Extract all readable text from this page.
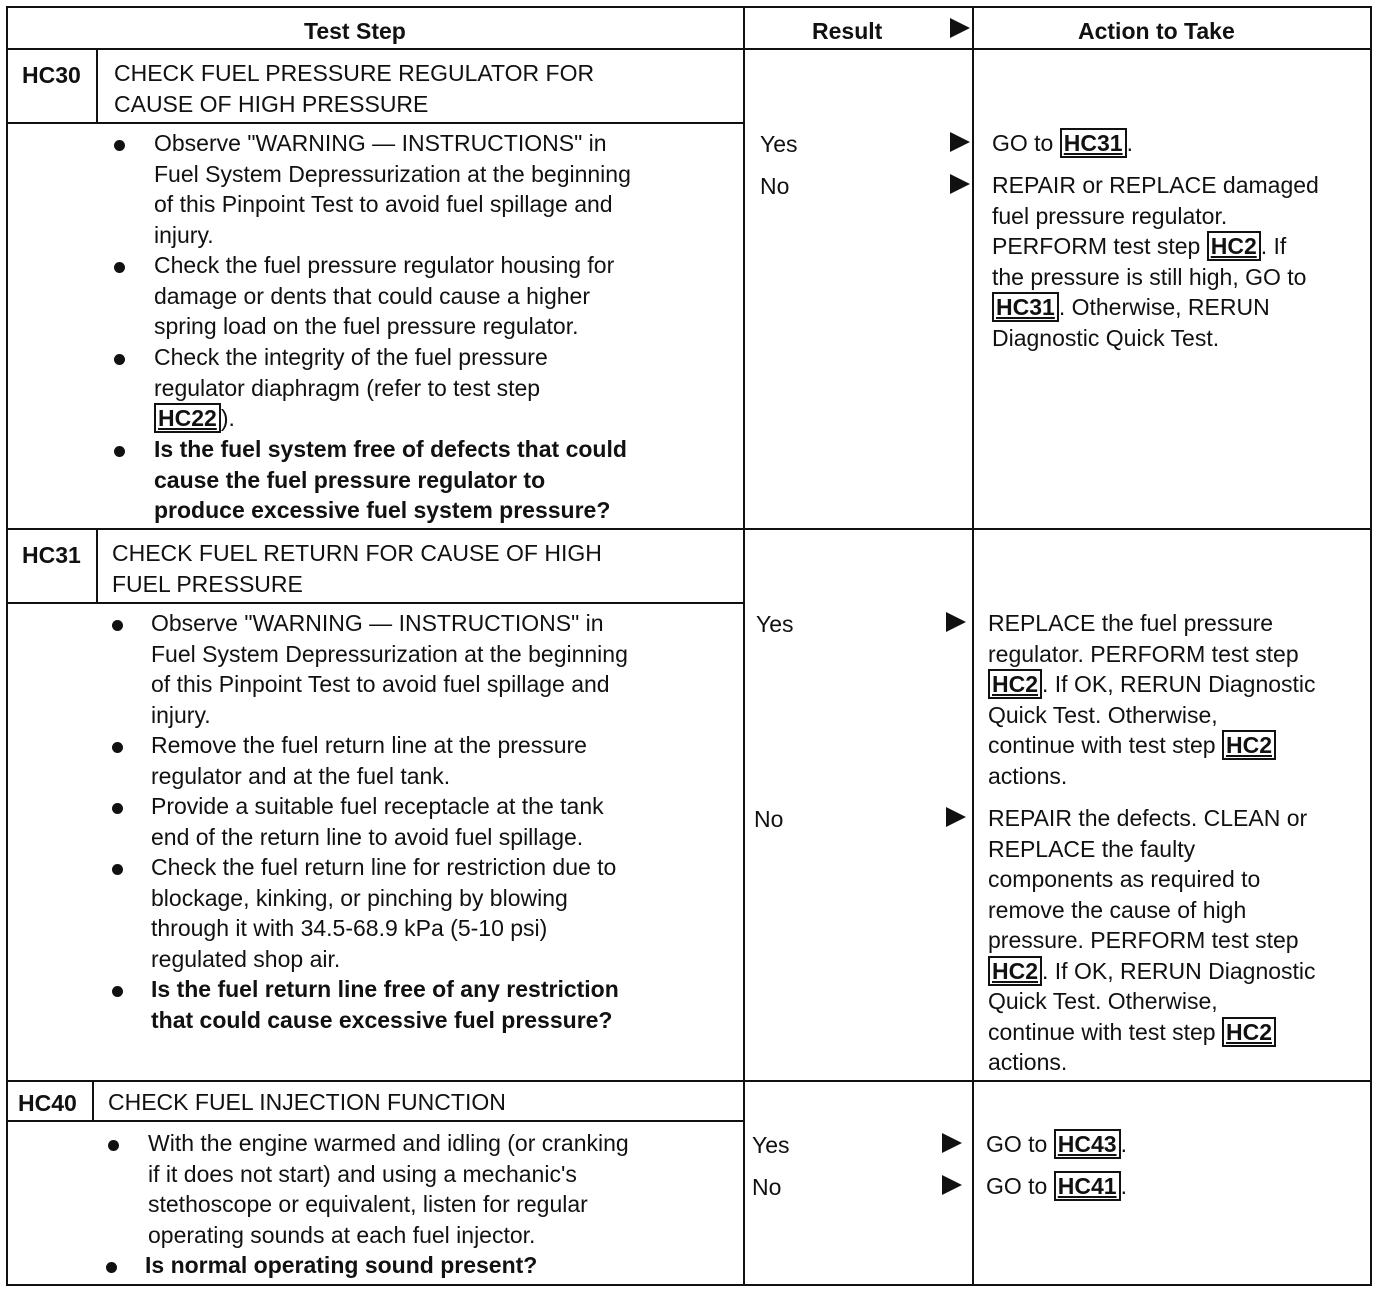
Test Step	Result	Action to Take
HC30 CHECK FUEL PRESSURE REGULATOR FOR
CAUSE OF HIGH PRESSURE
Observe "WARNING — INSTRUCTIONS" in
Fuel System Depressurization at the beginning
of this Pinpoint Test to avoid fuel spillage and
injury.
Check the fuel pressure regulator housing for
damage or dents that could cause a higher
spring load on the fuel pressure regulator.
Check the integrity of the fuel pressure
regulator diaphragm (refer to test step
HC22 ).
Is the fuel system free of defects that could
cause the fuel pressure regulator to
produce excessive fuel system pressure?
Yes
No
GO to HC31 .
REPAIR or REPLACE damaged
fuel pressure regulator.
PERFORM test step HC2 . If
the pressure is still high, GO to
HC31 . Otherwise, RERUN
Diagnostic Quick Test.
HC31 CHECK FUEL RETURN FOR CAUSE OF HIGH
FUEL PRESSURE
Observe "WARNING — INSTRUCTIONS" in
Fuel System Depressurization at the beginning
of this Pinpoint Test to avoid fuel spillage and
injury.
Remove the fuel return line at the pressure
regulator and at the fuel tank.
Provide a suitable fuel receptacle at the tank
end of the return line to avoid fuel spillage.
Check the fuel return line for restriction due to
blockage, kinking, or pinching by blowing
through it with 34.5-68.9 kPa (5-10 psi)
regulated shop air.
Is the fuel return line free of any restriction
that could cause excessive fuel pressure?
Yes
No
REPLACE the fuel pressure
regulator. PERFORM test step
HC2 . If OK, RERUN Diagnostic
Quick Test. Otherwise,
continue with test step HC2
actions.
REPAIR the defects. CLEAN or
REPLACE the faulty
components as required to
remove the cause of high
pressure. PERFORM test step
HC2 . If OK, RERUN Diagnostic
Quick Test. Otherwise,
continue with test step HC2
actions.
HC40 CHECK FUEL INJECTION FUNCTION
With the engine warmed and idling (or cranking
if it does not start) and using a mechanic's
stethoscope or equivalent, listen for regular
operating sounds at each fuel injector.
Is normal operating sound present?
Yes
No
GO to HC43 .
GO to HC41 .
